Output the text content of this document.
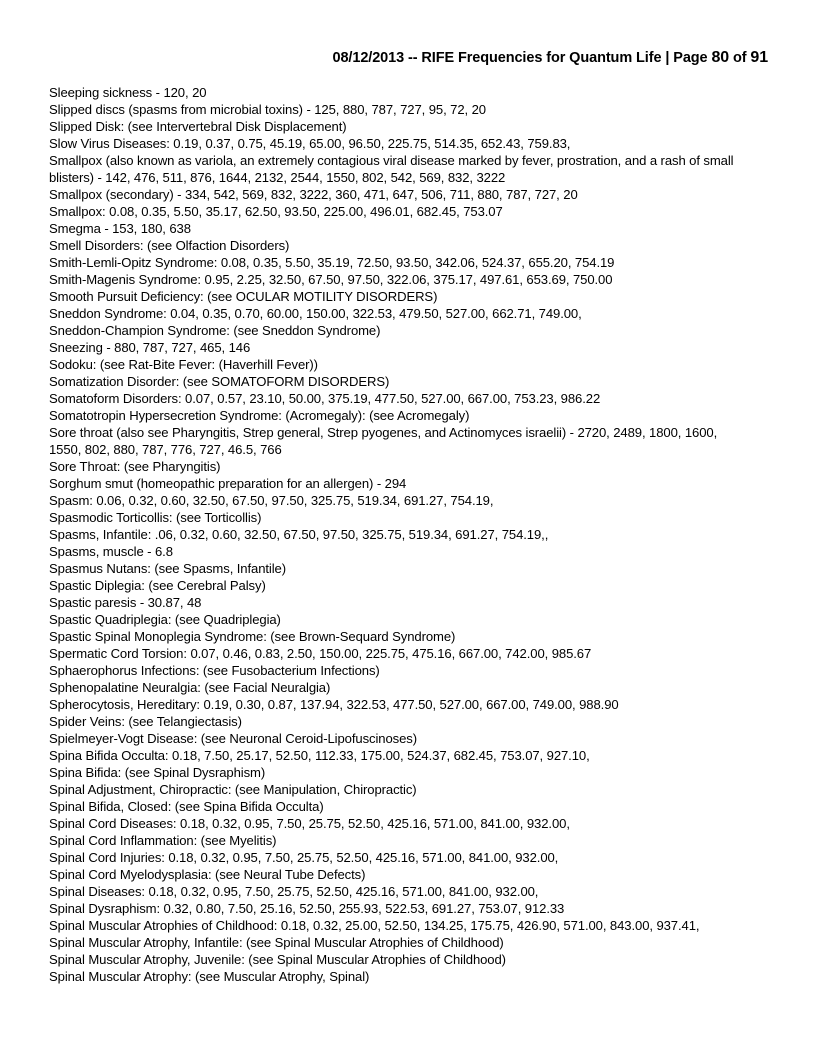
08/12/2013 -- RIFE Frequencies for Quantum Life | Page 80 of 91

Sleeping sickness - 120, 20

Slipped discs (spasms from microbial toxins) - 125, 880, 787, 727, 95, 72, 20

Slipped Disk: (see Intervertebral Disk Displacement)

Slow Virus Diseases: 0.19, 0.37, 0.75, 45.19, 65.00, 96.50, 225.75, 514.35, 652.43, 759.83,

Smallpox (also known as variola, an extremely contagious viral disease marked by fever, prostration, and a rash of small blisters) - 142, 476, 511, 876, 1644, 2132, 2544, 1550, 802, 542, 569, 832, 3222

Smallpox (secondary) - 334, 542, 569, 832, 3222, 360, 471, 647, 506, 711, 880, 787, 727, 20

Smallpox: 0.08, 0.35, 5.50, 35.17, 62.50, 93.50, 225.00, 496.01, 682.45, 753.07

Smegma - 153, 180, 638

Smell Disorders: (see Olfaction Disorders)

Smith-Lemli-Opitz Syndrome: 0.08, 0.35, 5.50, 35.19, 72.50, 93.50, 342.06, 524.37, 655.20, 754.19

Smith-Magenis Syndrome: 0.95, 2.25, 32.50, 67.50, 97.50, 322.06, 375.17, 497.61, 653.69, 750.00

Smooth Pursuit Deficiency: (see OCULAR MOTILITY DISORDERS)

Sneddon Syndrome: 0.04, 0.35, 0.70, 60.00, 150.00, 322.53, 479.50, 527.00, 662.71, 749.00,

Sneddon-Champion Syndrome: (see Sneddon Syndrome)

Sneezing - 880, 787, 727, 465, 146

Sodoku: (see Rat-Bite Fever: (Haverhill Fever))

Somatization Disorder: (see SOMATOFORM DISORDERS)

Somatoform Disorders: 0.07, 0.57, 23.10, 50.00, 375.19, 477.50, 527.00, 667.00, 753.23, 986.22

Somatotropin Hypersecretion Syndrome: (Acromegaly): (see Acromegaly)

Sore throat (also see Pharyngitis, Strep general, Strep pyogenes, and Actinomyces israelii) - 2720, 2489, 1800, 1600, 1550, 802, 880, 787, 776, 727, 46.5, 766

Sore Throat: (see Pharyngitis)

Sorghum smut (homeopathic preparation for an allergen) - 294

Spasm: 0.06, 0.32, 0.60, 32.50, 67.50, 97.50, 325.75, 519.34, 691.27, 754.19,

Spasmodic Torticollis: (see Torticollis)

Spasms, Infantile: .06, 0.32, 0.60, 32.50, 67.50, 97.50, 325.75, 519.34, 691.27, 754.19,,

Spasms, muscle - 6.8

Spasmus Nutans: (see Spasms, Infantile)

Spastic Diplegia: (see Cerebral Palsy)

Spastic paresis - 30.87, 48

Spastic Quadriplegia: (see Quadriplegia)

Spastic Spinal Monoplegia Syndrome: (see Brown-Sequard Syndrome)

Spermatic Cord Torsion: 0.07, 0.46, 0.83, 2.50, 150.00, 225.75, 475.16, 667.00, 742.00, 985.67

Sphaerophorus Infections: (see Fusobacterium Infections)

Sphenopalatine Neuralgia: (see Facial Neuralgia)

Spherocytosis, Hereditary: 0.19, 0.30, 0.87, 137.94, 322.53, 477.50, 527.00, 667.00, 749.00, 988.90

Spider Veins: (see Telangiectasis)

Spielmeyer-Vogt Disease: (see Neuronal Ceroid-Lipofuscinoses)

Spina Bifida Occulta: 0.18, 7.50, 25.17, 52.50, 112.33, 175.00, 524.37, 682.45, 753.07, 927.10,

Spina Bifida: (see Spinal Dysraphism)

Spinal Adjustment, Chiropractic: (see Manipulation, Chiropractic)

Spinal Bifida, Closed: (see Spina Bifida Occulta)

Spinal Cord Diseases: 0.18, 0.32, 0.95, 7.50, 25.75, 52.50, 425.16, 571.00, 841.00, 932.00,

Spinal Cord Inflammation: (see Myelitis)

Spinal Cord Injuries: 0.18, 0.32, 0.95, 7.50, 25.75, 52.50, 425.16, 571.00, 841.00, 932.00,

Spinal Cord Myelodysplasia: (see Neural Tube Defects)

Spinal Diseases: 0.18, 0.32, 0.95, 7.50, 25.75, 52.50, 425.16, 571.00, 841.00, 932.00,

Spinal Dysraphism: 0.32, 0.80, 7.50, 25.16, 52.50, 255.93, 522.53, 691.27, 753.07, 912.33

Spinal Muscular Atrophies of Childhood: 0.18, 0.32, 25.00, 52.50, 134.25, 175.75, 426.90, 571.00, 843.00, 937.41,

Spinal Muscular Atrophy, Infantile: (see Spinal Muscular Atrophies of Childhood)

Spinal Muscular Atrophy, Juvenile: (see Spinal Muscular Atrophies of Childhood)

Spinal Muscular Atrophy: (see Muscular Atrophy, Spinal)
